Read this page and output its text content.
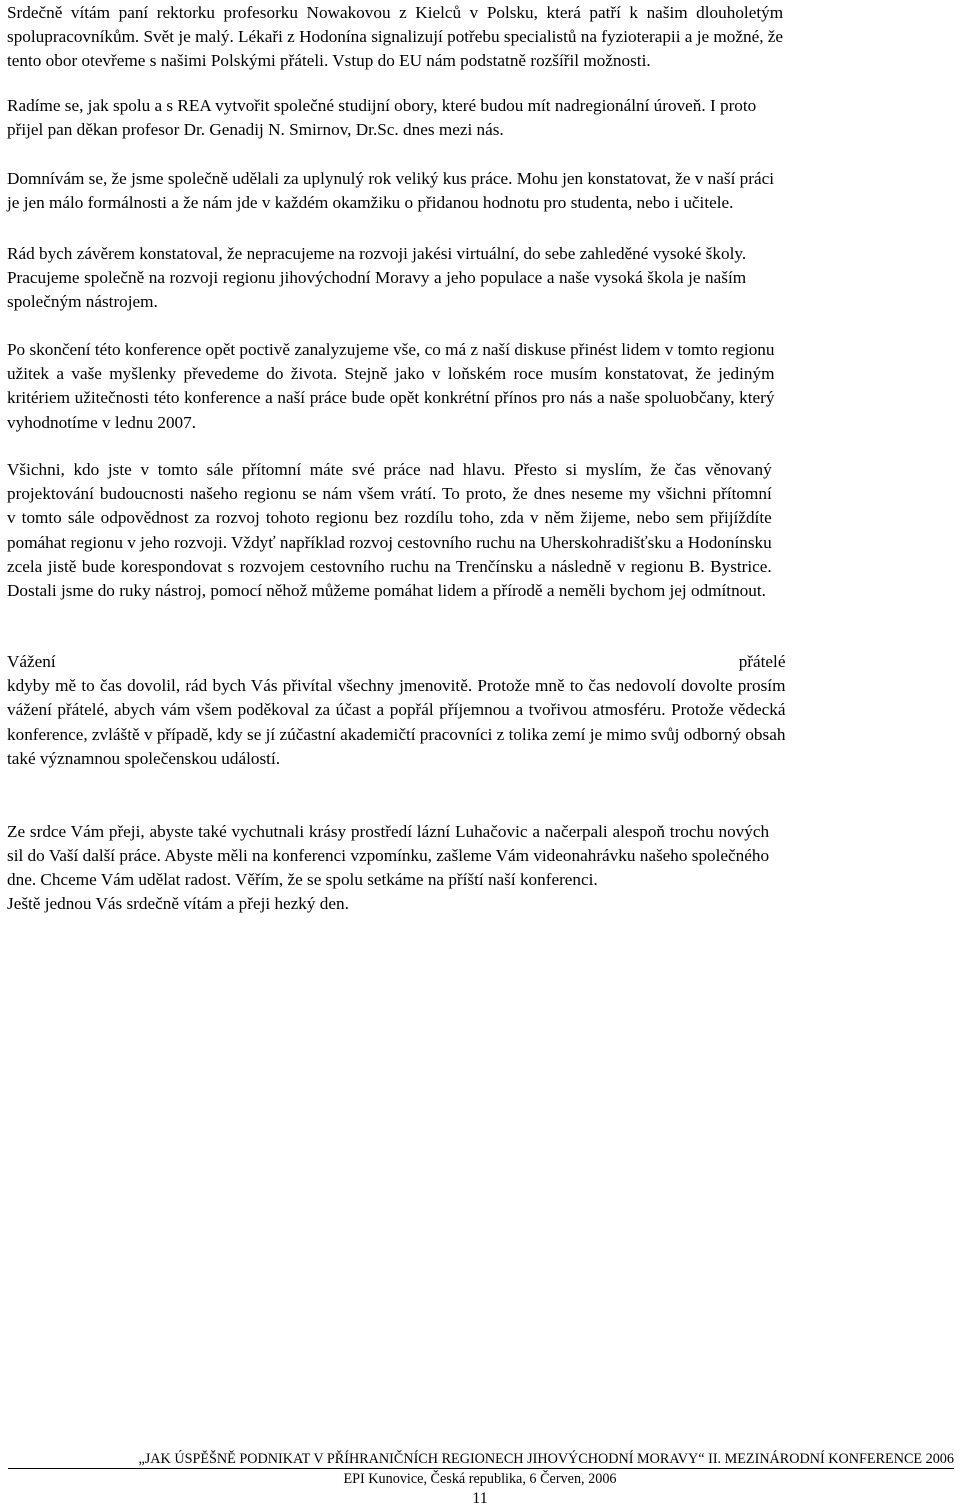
Srdečně vítám paní rektorku profesorku Nowakovou z Kielců v Polsku, která patří k našim dlouholetým
spolupracovníkům. Svět je malý. Lékaři z Hodonína signalizují potřebu specialistů na fyzioterapii a je možné, že
tento obor otevřeme s našimi Polskými přáteli. Vstup do EU nám podstatně rozšířil možnosti.

Radíme se, jak spolu a s REA vytvořit společné studijní obory, které budou mít nadregionální úroveň. I proto
přijel pan děkan profesor Dr. Genadij N. Smirnov, Dr.Sc. dnes mezi nás.

Domnívám se, že jsme společně udělali za uplynulý rok veliký kus práce. Mohu jen konstatovat, že v naší práci
je jen málo formálnosti a že nám jde v každém okamžiku o přidanou hodnotu pro studenta, nebo i učitele.

Rád bych závěrem konstatoval, že nepracujeme na rozvoji jakési virtuální, do sebe zahleděné vysoké školy.
Pracujeme společně na rozvoji regionu jihovýchodní Moravy a jeho populace a naše vysoká škola je naším
společným nástrojem.

Po skončení této konference opět poctivě zanalyzujeme vše, co má z naší diskuse přinést lidem v tomto regionu
užitek a vaše myšlenky převedeme do života. Stejně jako v loňském roce musím konstatovat, že jediným
kritériem užitečnosti této konference a naší práce bude opět konkrétní přínos pro nás a naše spoluobčany, který
vyhodnotíme v lednu 2007.

Všichni, kdo jste v tomto sále přítomní máte své práce nad hlavu. Přesto si myslím, že čas věnovaný
projektování budoucnosti našeho regionu se nám všem vrátí. To proto, že dnes neseme my všichni přítomní
v tomto sále odpovědnost za rozvoj tohoto regionu bez rozdílu toho, zda v něm žijeme, nebo sem přijíždíte
pomáhat regionu v jeho rozvoji. Vždyť například rozvoj cestovního ruchu na Uherskohradišťsku a Hodonínsku
zcela jistě bude korespondovat s rozvojem cestovního ruchu na Trenčínsku a následně v regionu B. Bystrice.
Dostali jsme do ruky nástroj, pomocí něhož můžeme pomáhat lidem a přírodě a neměli bychom jej odmítnout.

Vážení přátelé
kdyby mě to čas dovolil, rád bych Vás přivítal všechny jmenovitě. Protože mně to čas nedovolí dovolte prosím
vážení přátelé, abych vám všem poděkoval za účast a popřál příjemnou a tvořivou atmosféru. Protože vědecká
konference, zvláště v případě, kdy se jí zúčastní akademičtí pracovníci z tolika zemí je mimo svůj odborný obsah
také významnou společenskou událostí.

Ze srdce Vám přeji, abyste také vychutnali krásy prostředí lázní Luhačovic a načerpali alespoň trochu nových
sil do Vaší další práce. Abyste měli na konferenci vzpomínku, zašleme Vám videonahrávku našeho společného
dne. Chceme Vám udělat radost. Věřím, že se spolu setkáme na příští naší konferenci.

Ještě jednou Vás srdečně vítám a přeji hezký den.

„JAK ÚSPĚŠNĚ PODNIKAT V PŘÍHRANIČNÍCH REGIONECH JIHOVÝCHODNÍ MORAVY“ II. MEZINÁRODNÍ KONFERENCE 2006
EPI Kunovice, Česká republika, 6 Červen, 2006
11
